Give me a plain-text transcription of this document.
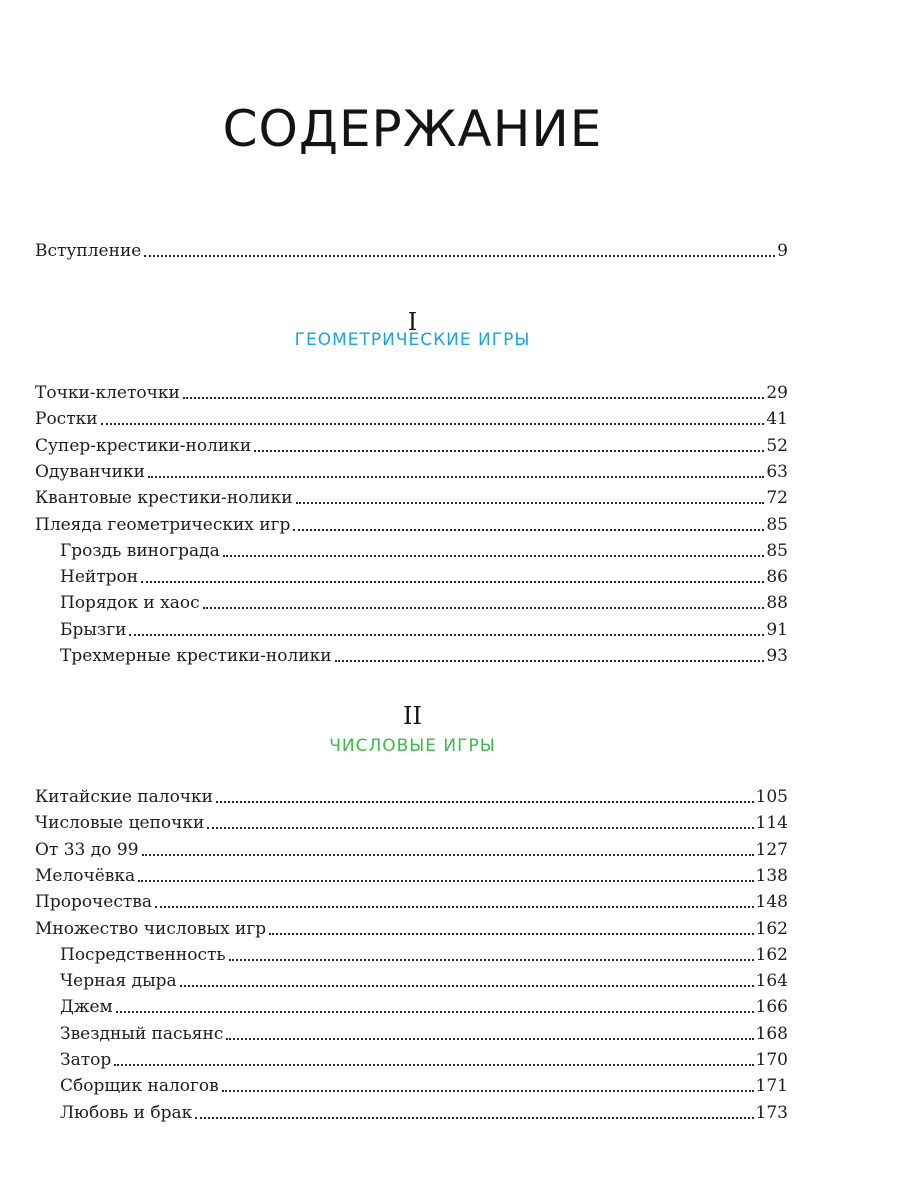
СОДЕРЖАНИЕ
Вступление	9
I
ГЕОМЕТРИЧЕСКИЕ ИГРЫ
Точки-клеточки	29
Ростки	41
Супер-крестики-нолики	52
Одуванчики	63
Квантовые крестики-нолики	72
Плеяда геометрических игр	85
Гроздь винограда	85
Нейтрон	86
Порядок и хаос	88
Брызги	91
Трехмерные крестики-нолики	93
II
ЧИСЛОВЫЕ ИГРЫ
Китайские палочки	105
Числовые цепочки	114
От 33 до 99	127
Мелочёвка	138
Пророчества	148
Множество числовых игр	162
Посредственность	162
Черная дыра	164
Джем	166
Звездный пасьянс	168
Затор	170
Сборщик налогов	171
Любовь и брак	173
